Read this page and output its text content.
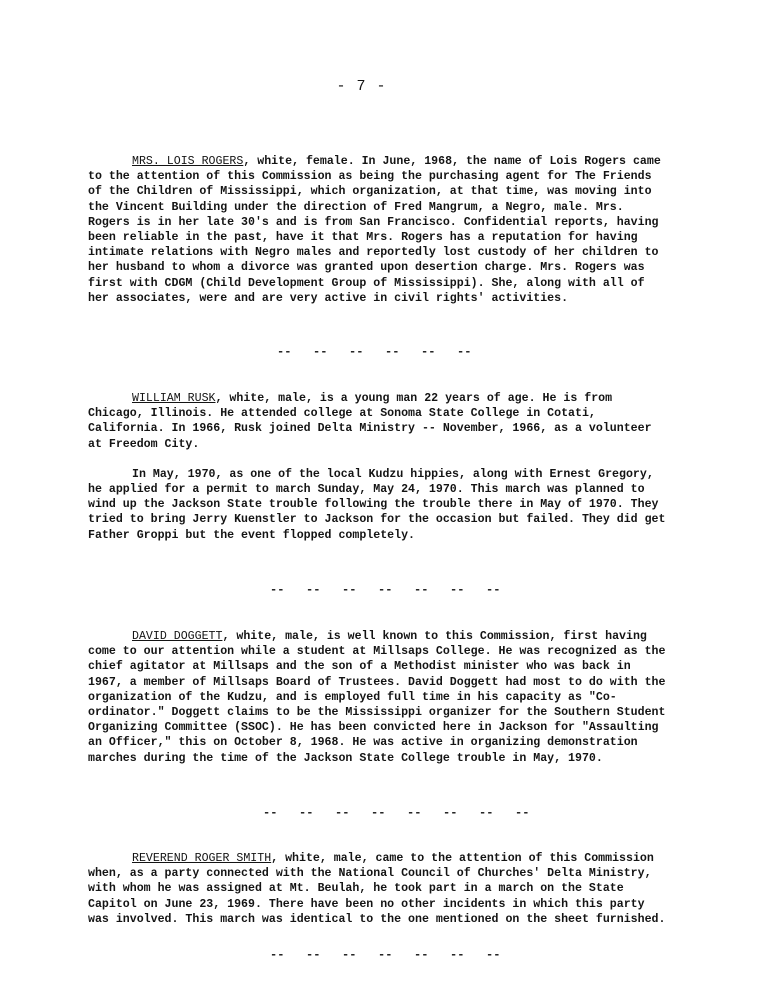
- 7 -

MRS. LOIS ROGERS, white, female. In June, 1968, the name of Lois Rogers came to the attention of this Commission as being the purchasing agent for The Friends of the Children of Mississippi, which organization, at that time, was moving into the Vincent Building under the direction of Fred Mangrum, a Negro, male. Mrs. Rogers is in her late 30's and is from San Francisco. Confidential reports, having been reliable in the past, have it that Mrs. Rogers has a reputation for having intimate relations with Negro males and reportedly lost custody of her children to her husband to whom a divorce was granted upon desertion charge. Mrs. Rogers was first with CDGM (Child Development Group of Mississippi). She, along with all of her associates, were and are very active in civil rights' activities.

--   --   --   --   --   --

WILLIAM RUSK, white, male, is a young man 22 years of age. He is from Chicago, Illinois. He attended college at Sonoma State College in Cotati, California. In 1966, Rusk joined Delta Ministry -- November, 1966, as a volunteer at Freedom City.

In May, 1970, as one of the local Kudzu hippies, along with Ernest Gregory, he applied for a permit to march Sunday, May 24, 1970. This march was planned to wind up the Jackson State trouble following the trouble there in May of 1970. They tried to bring Jerry Kuenstler to Jackson for the occasion but failed. They did get Father Groppi but the event flopped completely.

--   --   --   --   --   --   --

DAVID DOGGETT, white, male, is well known to this Commission, first having come to our attention while a student at Millsaps College. He was recognized as the chief agitator at Millsaps and the son of a Methodist minister who was back in 1967, a member of Millsaps Board of Trustees. David Doggett had most to do with the organization of the Kudzu, and is employed full time in his capacity as "Co-ordinator." Doggett claims to be the Mississippi organizer for the Southern Student Organizing Committee (SSOC). He has been convicted here in Jackson for "Assaulting an Officer," this on October 8, 1968. He was active in organizing demonstration marches during the time of the Jackson State College trouble in May, 1970.

--   --   --   --   --   --   --   --

REVEREND ROGER SMITH, white, male, came to the attention of this Commission when, as a party connected with the National Council of Churches' Delta Ministry, with whom he was assigned at Mt. Beulah, he took part in a march on the State Capitol on June 23, 1969. There have been no other incidents in which this party was involved. This march was identical to the one mentioned on the sheet furnished.

--   --   --   --   --   --   --
